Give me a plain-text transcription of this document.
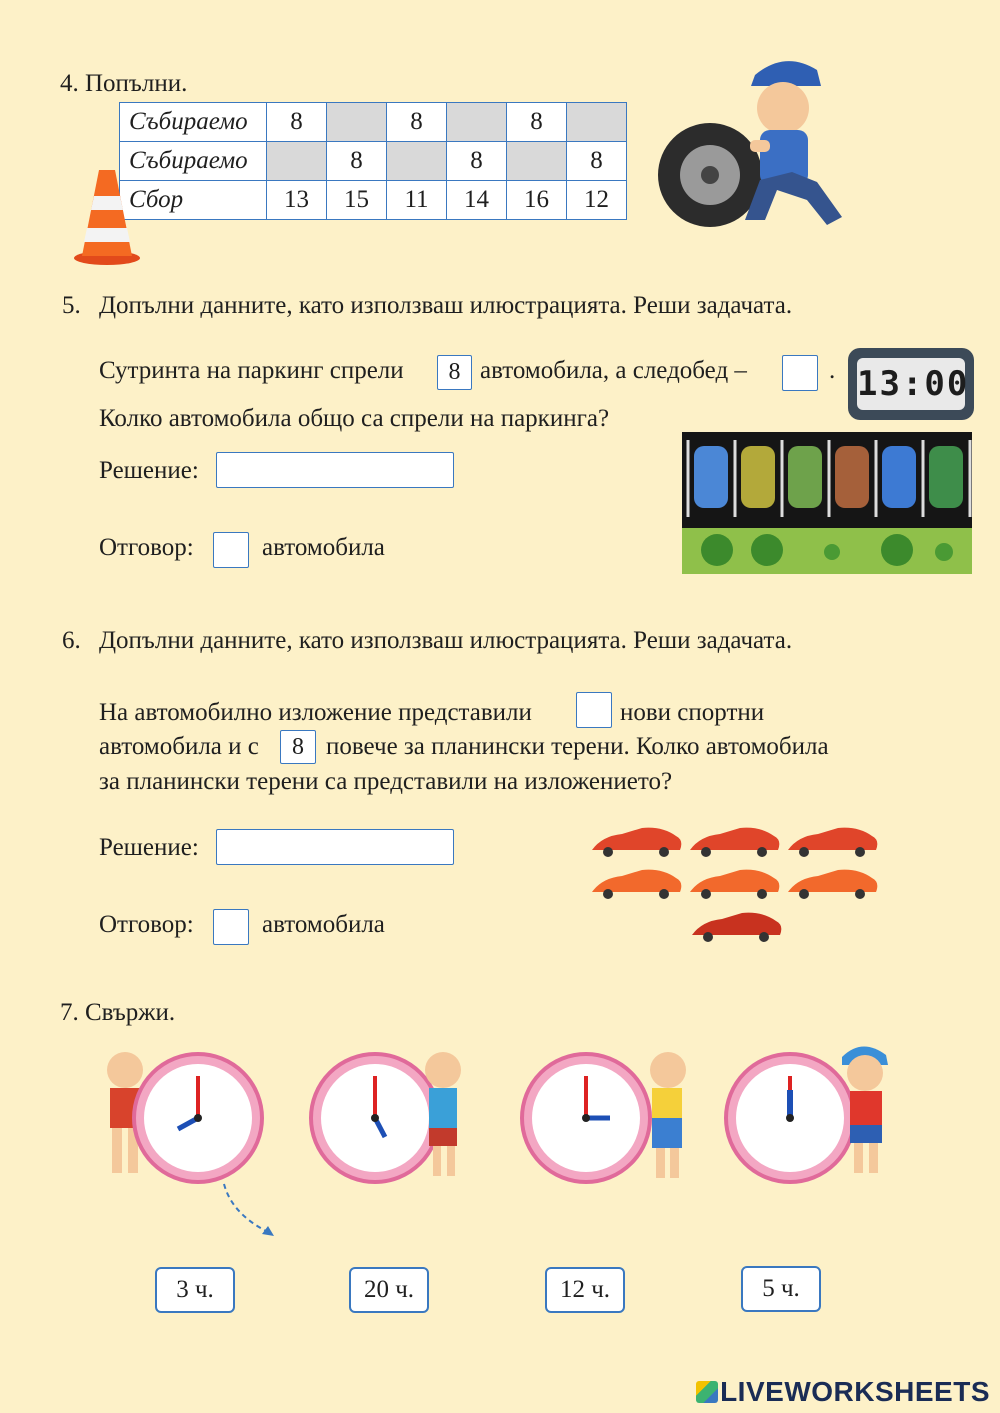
4. Попълни.
Събираемо	8		8		8	
Събираемо		8		8		8
Сбор	13	15	11	14	16	12
5. Допълни данните, като използваш илюстрацията. Реши задачата.
Сутринта на паркинг спрели	8 автомобила, а следобед –	.
Колко автомобила общо са спрели на паркинга?
Решение:
Отговор:	автомобила
13:00
6. Допълни данните, като използваш илюстрацията. Реши задачата.
На автомобилно изложение представили	нови спортни
автомобила и с	8 повече за планински терени. Колко автомобила
за планински терени са представили на изложението?
Решение:
Отговор:	автомобила
7. Свържи.
3 ч.	20 ч.	12 ч.	5 ч.
LIVEWORKSHEETS
